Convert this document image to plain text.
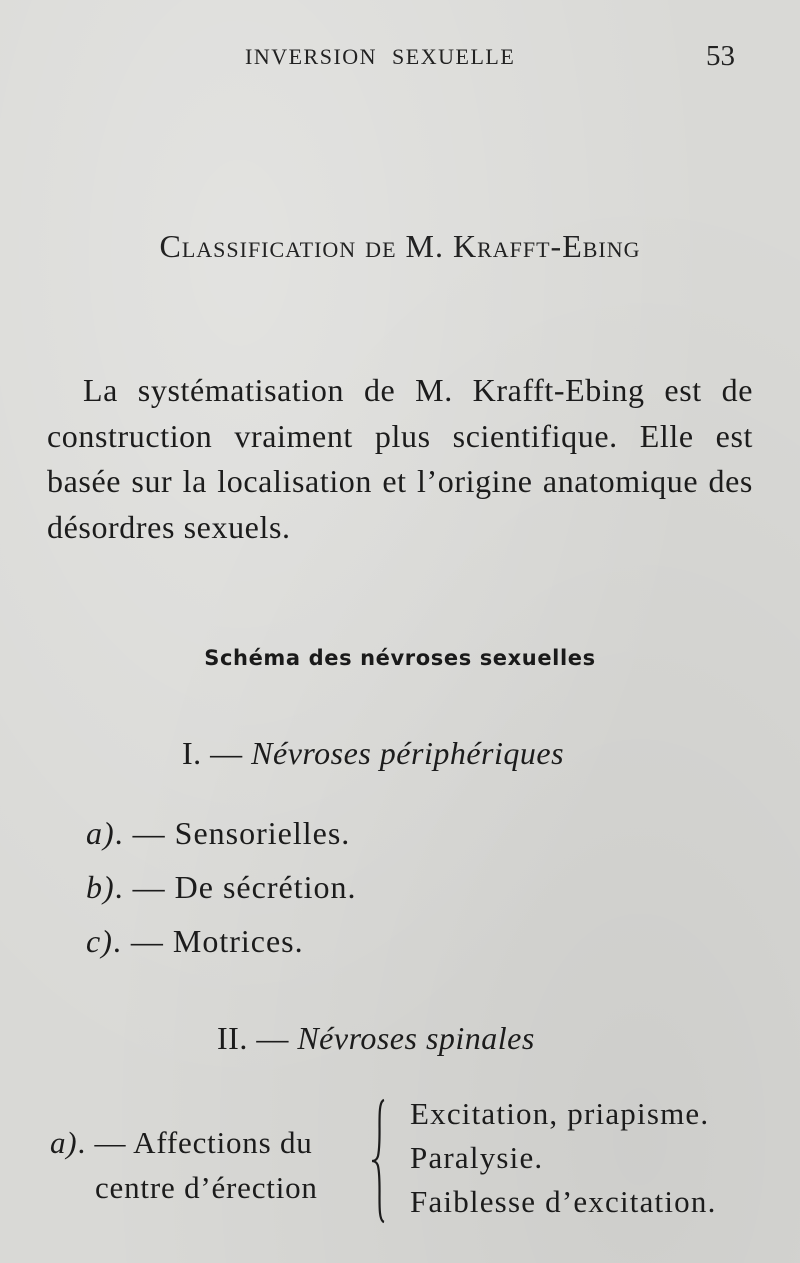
INVERSION SEXUELLE	53
Classification de M. Krafft-Ebing

La systématisation de M. Krafft-Ebing est de construction vraiment plus scientifique. Elle est basée sur la localisation et l’origine anatomique des désordres sexuels.

Schéma des névroses sexuelles
I. — Névroses périphériques
a). — Sensorielles.
b). — De sécrétion.
c). — Motrices.
II. — Névroses spinales
a). — Affections du
centre d’érection
Excitation, priapisme.
Paralysie.
Faiblesse d’excitation.
